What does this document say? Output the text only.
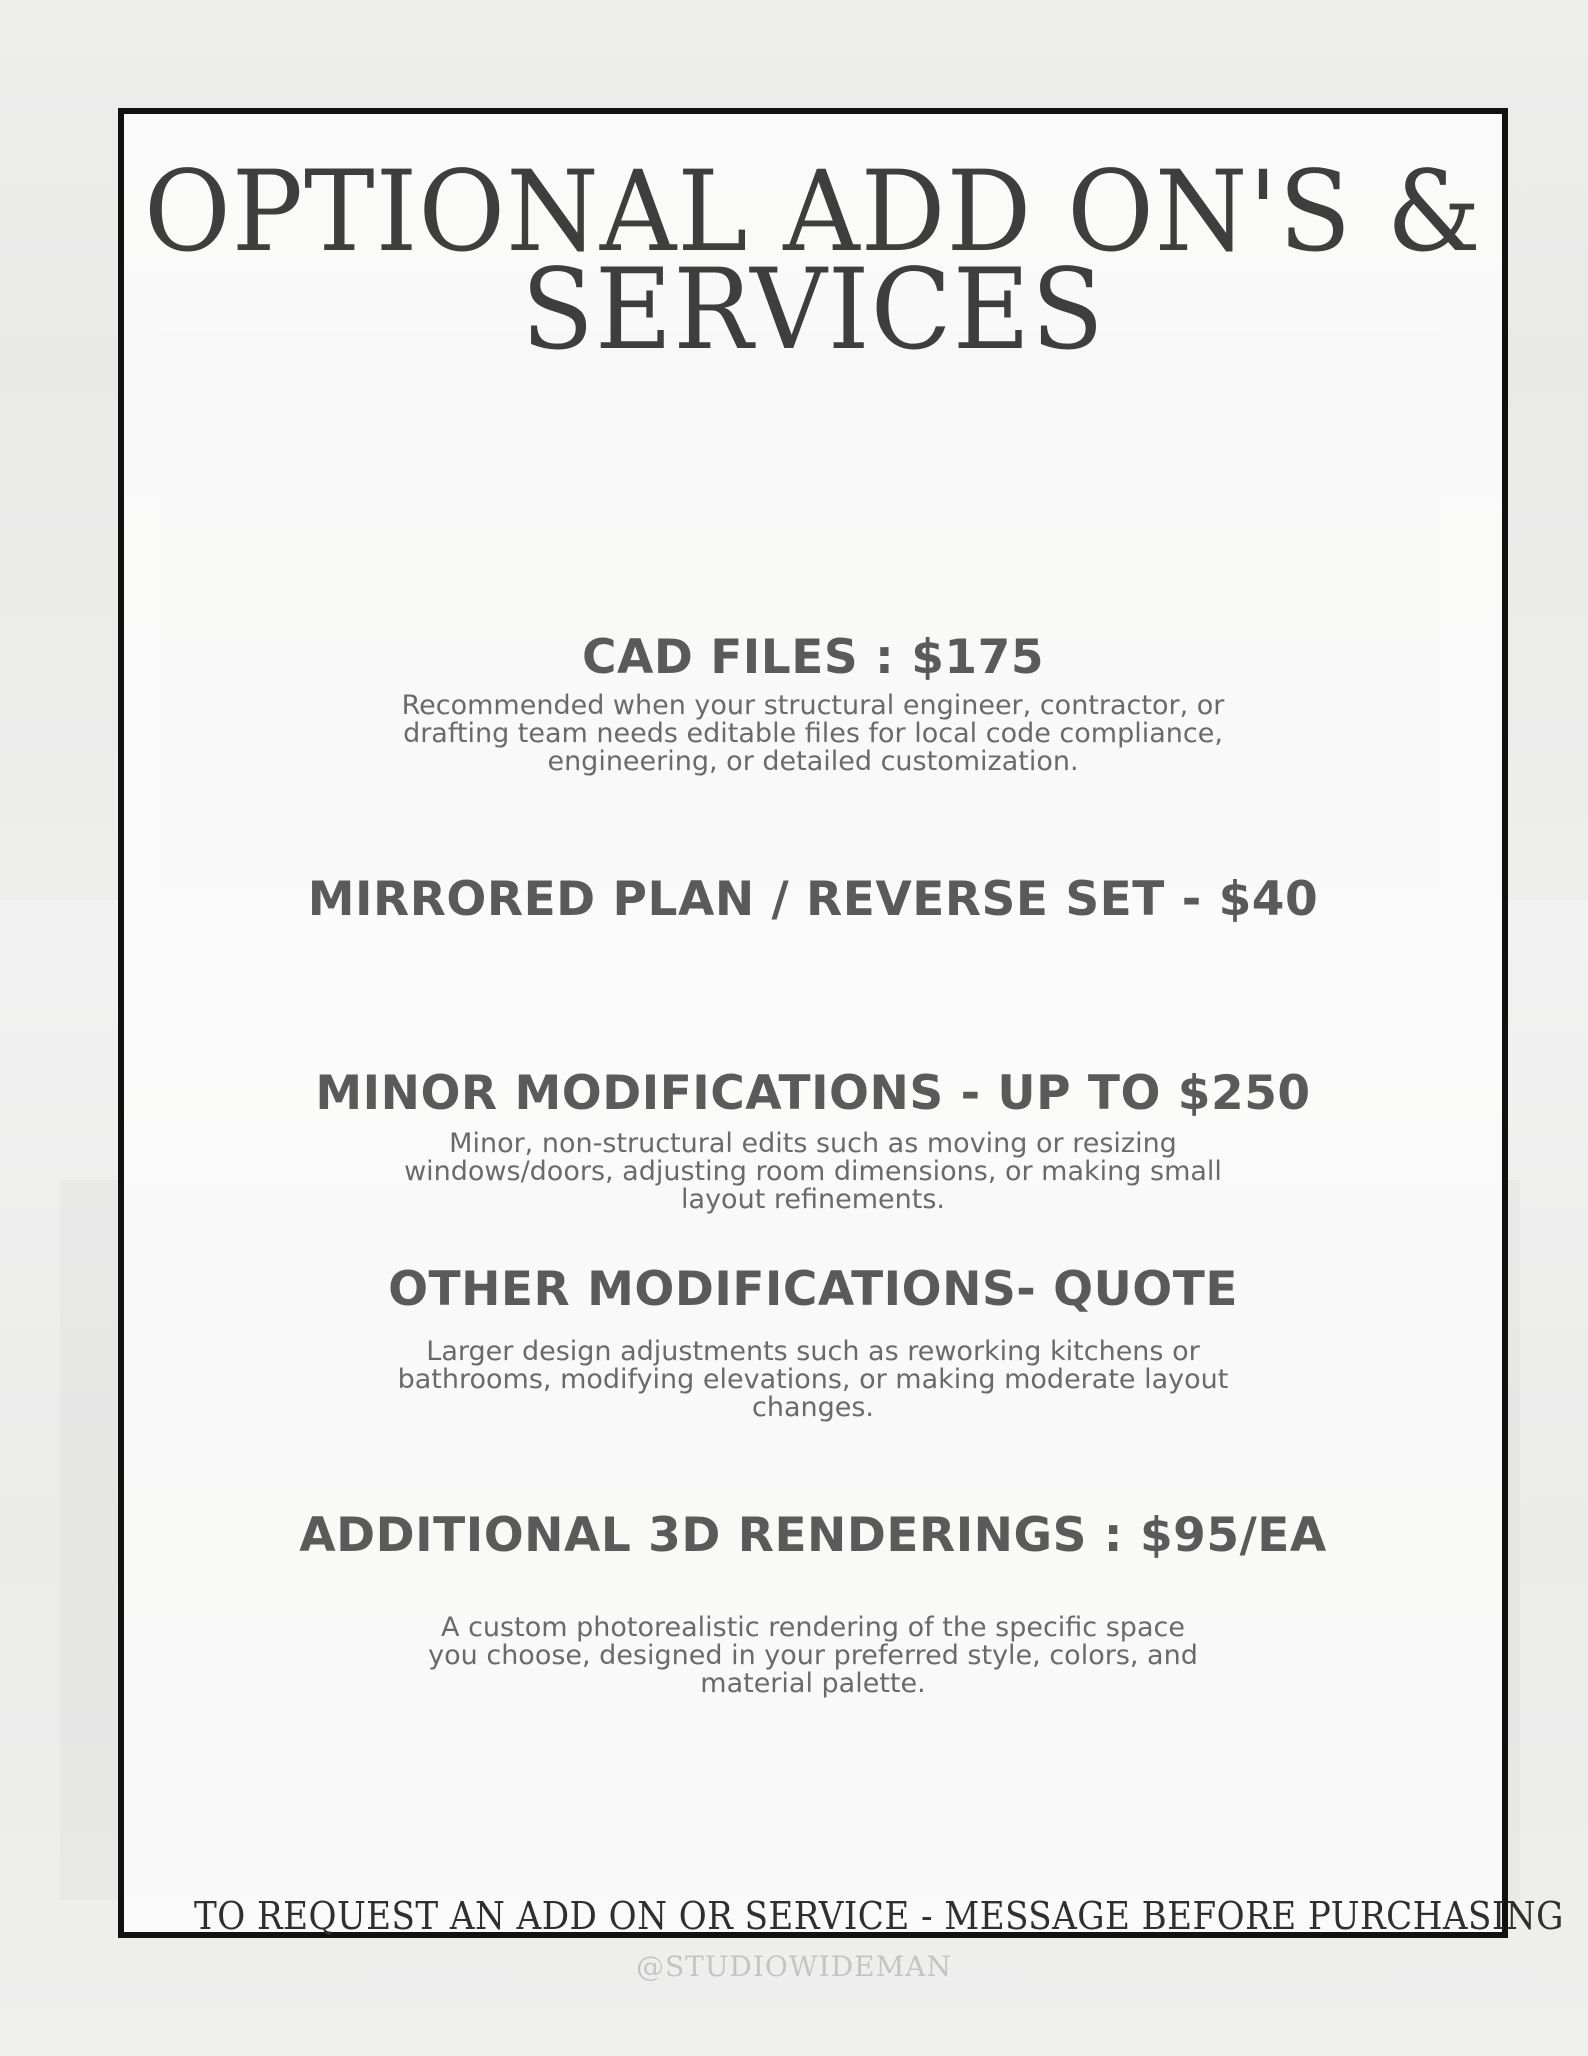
OPTIONAL ADD ON'S &
SERVICES
CAD FILES : $175

Recommended when your structural engineer, contractor, or
drafting team needs editable files for local code compliance,
engineering, or detailed customization.

MIRRORED PLAN / REVERSE SET - $40
MINOR MODIFICATIONS - UP TO $250

Minor, non-structural edits such as moving or resizing
windows/doors, adjusting room dimensions, or making small
layout refinements.

OTHER MODIFICATIONS- QUOTE

Larger design adjustments such as reworking kitchens or
bathrooms, modifying elevations, or making moderate layout
changes.

ADDITIONAL 3D RENDERINGS : $95/EA

A custom photorealistic rendering of the specific space
you choose, designed in your preferred style, colors, and
material palette.

TO REQUEST AN ADD ON OR SERVICE - MESSAGE BEFORE PURCHASING

@STUDIOWIDEMAN
